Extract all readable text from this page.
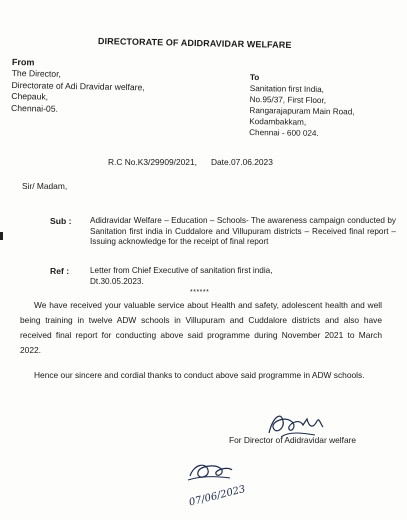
DIRECTORATE OF ADIDRAVIDAR WELFARE
From
The Director,
Directorate of Adi Dravidar welfare,
Chepauk,
Chennai-05.
To
Sanitation first India,
No.95/37, First Floor,
Rangarajapuram Main Road,
Kodambakkam,
Chennai - 600 024.
R.C No.K3/29909/2021, Date.07.06.2023
Sir/ Madam,
Sub :	Adidravidar Welfare – Education – Schools- The awareness campaign conducted by Sanitation first india in Cuddalore and Villupuram districts – Received final report – Issuing acknowledge for the receipt of final report
Ref :	Letter from Chief Executive of sanitation first india,
Dt.30.05.2023.
******
We have received your valuable service about Health and safety, adolescent health and well being training in twelve ADW schools in Villupuram and Cuddalore districts and also have received final report for conducting above said programme during November 2021 to March 2022.
Hence our sincere and cordial thanks to conduct above said programme in ADW schools.
For Director of Adidravidar welfare
07/06/2023
